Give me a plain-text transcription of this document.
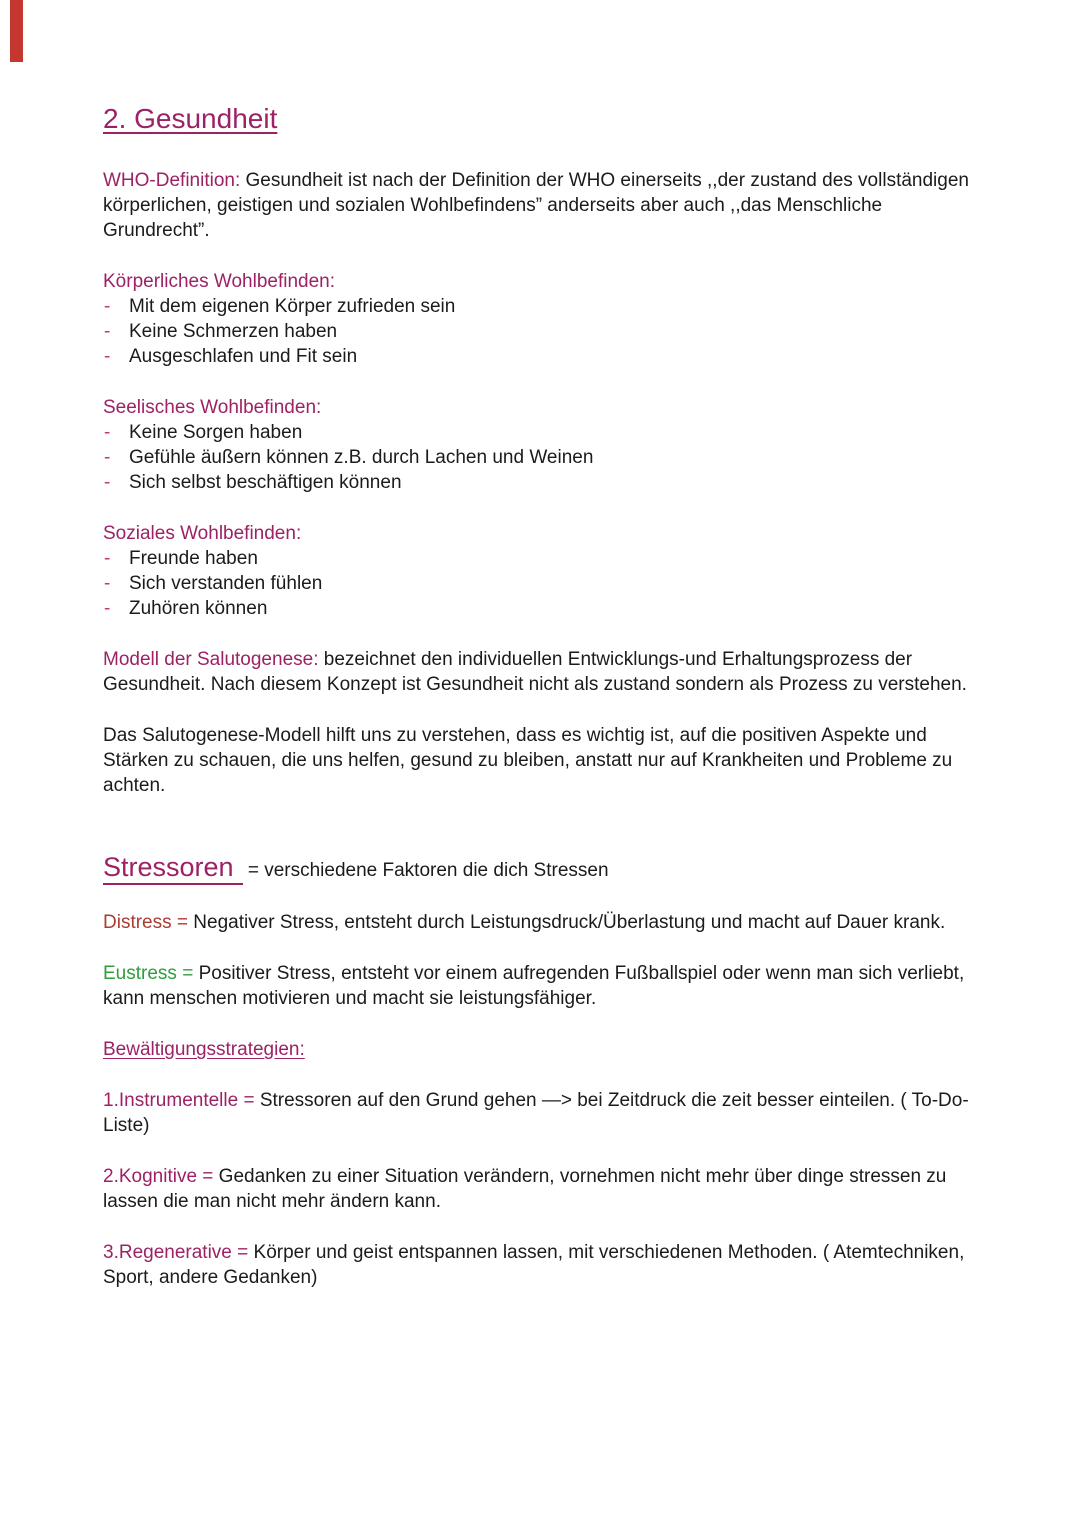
2. Gesundheit

WHO-Definition: Gesundheit ist nach der Definition der WHO einerseits ,,der zustand des vollständigen körperlichen, geistigen und sozialen Wohlbefindens” anderseits aber auch ,,das Menschliche Grundrecht”.

Körperliches Wohlbefinden:

- Mit dem eigenen Körper zufrieden sein
- Keine Schmerzen haben
- Ausgeschlafen und Fit sein

Seelisches Wohlbefinden:

- Keine Sorgen haben
- Gefühle äußern können z.B. durch Lachen und Weinen
- Sich selbst beschäftigen können

Soziales Wohlbefinden:

- Freunde haben
- Sich verstanden fühlen
- Zuhören können

Modell der Salutogenese: bezeichnet den individuellen Entwicklungs-und Erhaltungsprozess der Gesundheit. Nach diesem Konzept ist Gesundheit nicht als zustand sondern als Prozess zu verstehen.

Das Salutogenese-Modell hilft uns zu verstehen, dass es wichtig ist, auf die positiven Aspekte und Stärken zu schauen, die uns helfen, gesund zu bleiben, anstatt nur auf Krankheiten und Probleme zu achten.

Stressoren = verschiedene Faktoren die dich Stressen

Distress = Negativer Stress, entsteht durch Leistungsdruck/Überlastung und macht auf Dauer krank.

Eustress = Positiver Stress, entsteht vor einem aufregenden Fußballspiel oder wenn man sich verliebt, kann menschen motivieren und macht sie leistungsfähiger.

Bewältigungsstrategien:

1.Instrumentelle = Stressoren auf den Grund gehen —> bei Zeitdruck die zeit besser einteilen. ( To-Do-Liste)

2.Kognitive = Gedanken zu einer Situation verändern, vornehmen nicht mehr über dinge stressen zu lassen die man nicht mehr ändern kann.

3.Regenerative = Körper und geist entspannen lassen, mit verschiedenen Methoden. ( Atemtechniken, Sport, andere Gedanken)
